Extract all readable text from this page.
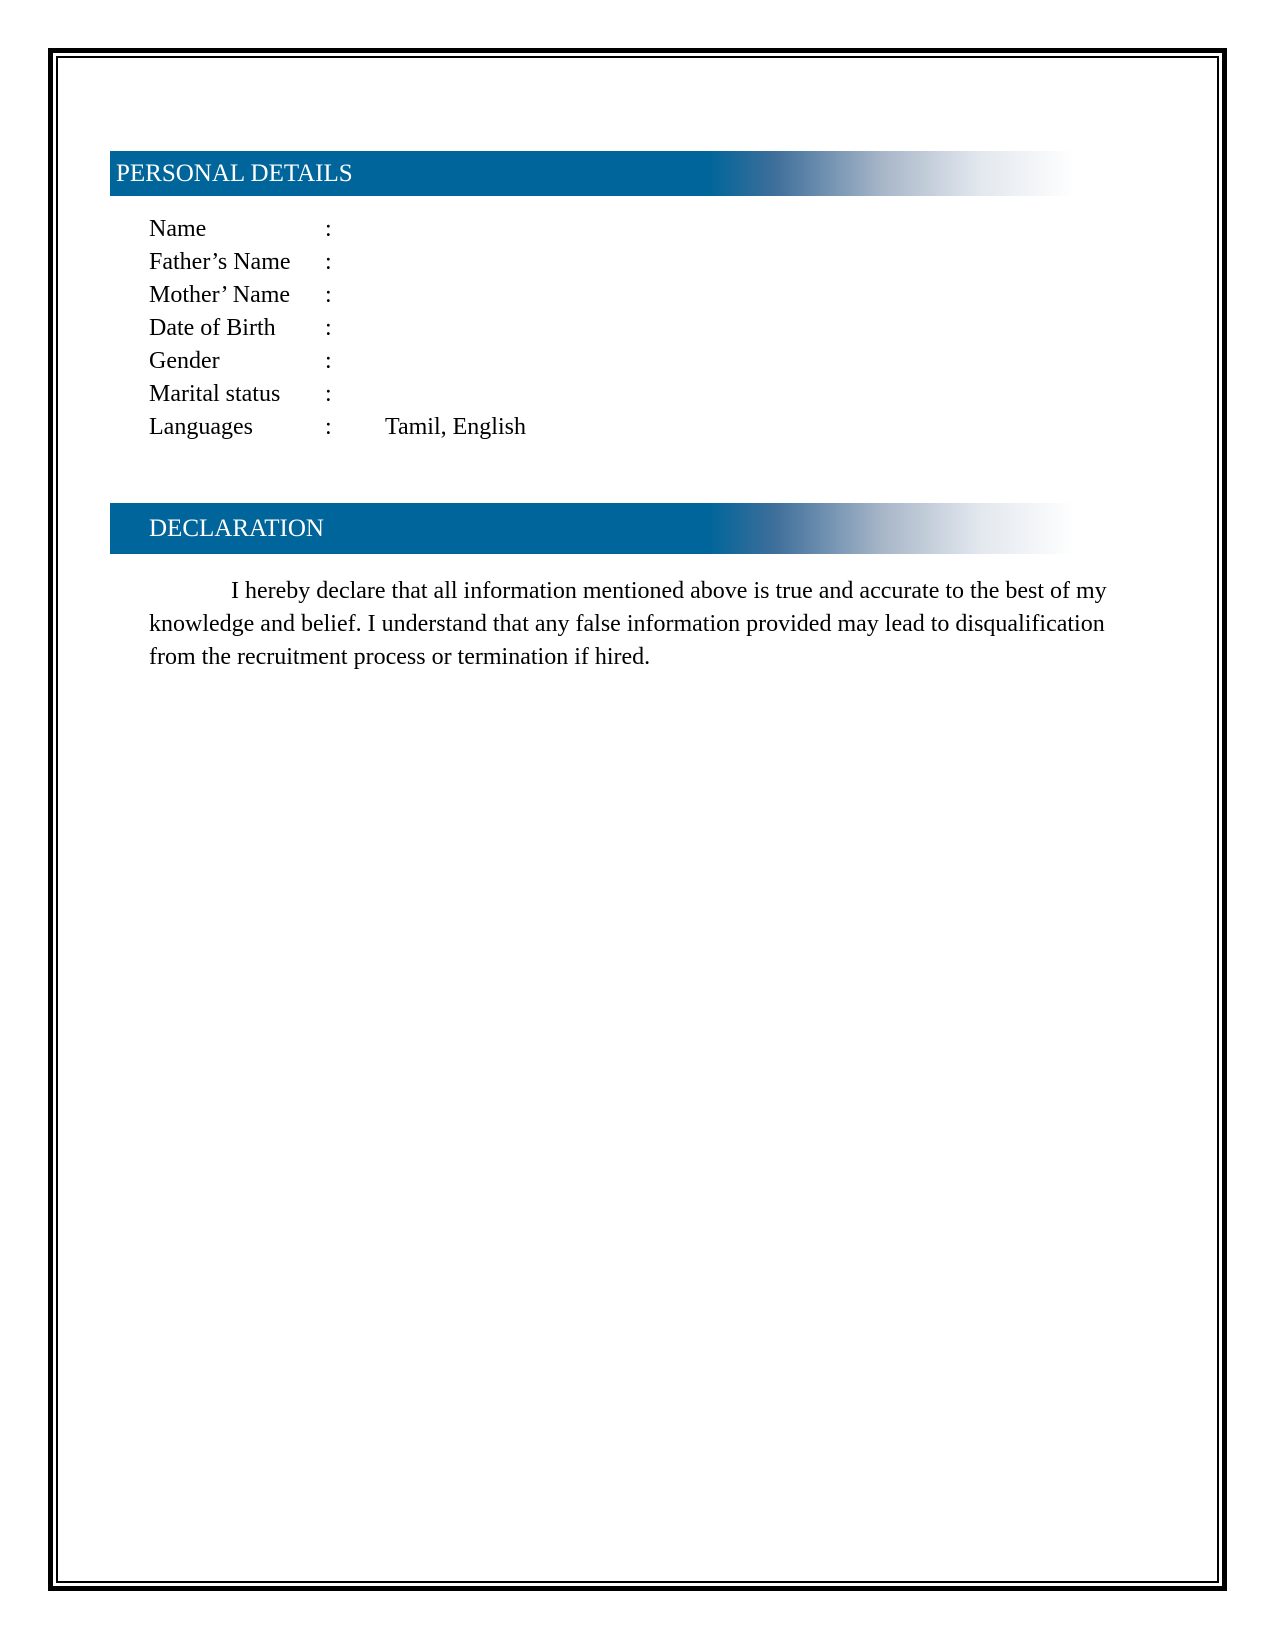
PERSONAL DETAILS
Name	:	
Father’s Name	:	
Mother’ Name	:	
Date of Birth	:	
Gender	:	
Marital status	:	
Languages	:	Tamil, English
DECLARATION

I hereby declare that all information mentioned above is true and accurate to the best of my knowledge and belief. I understand that any false information provided may lead to disqualification from the recruitment process or termination if hired.
